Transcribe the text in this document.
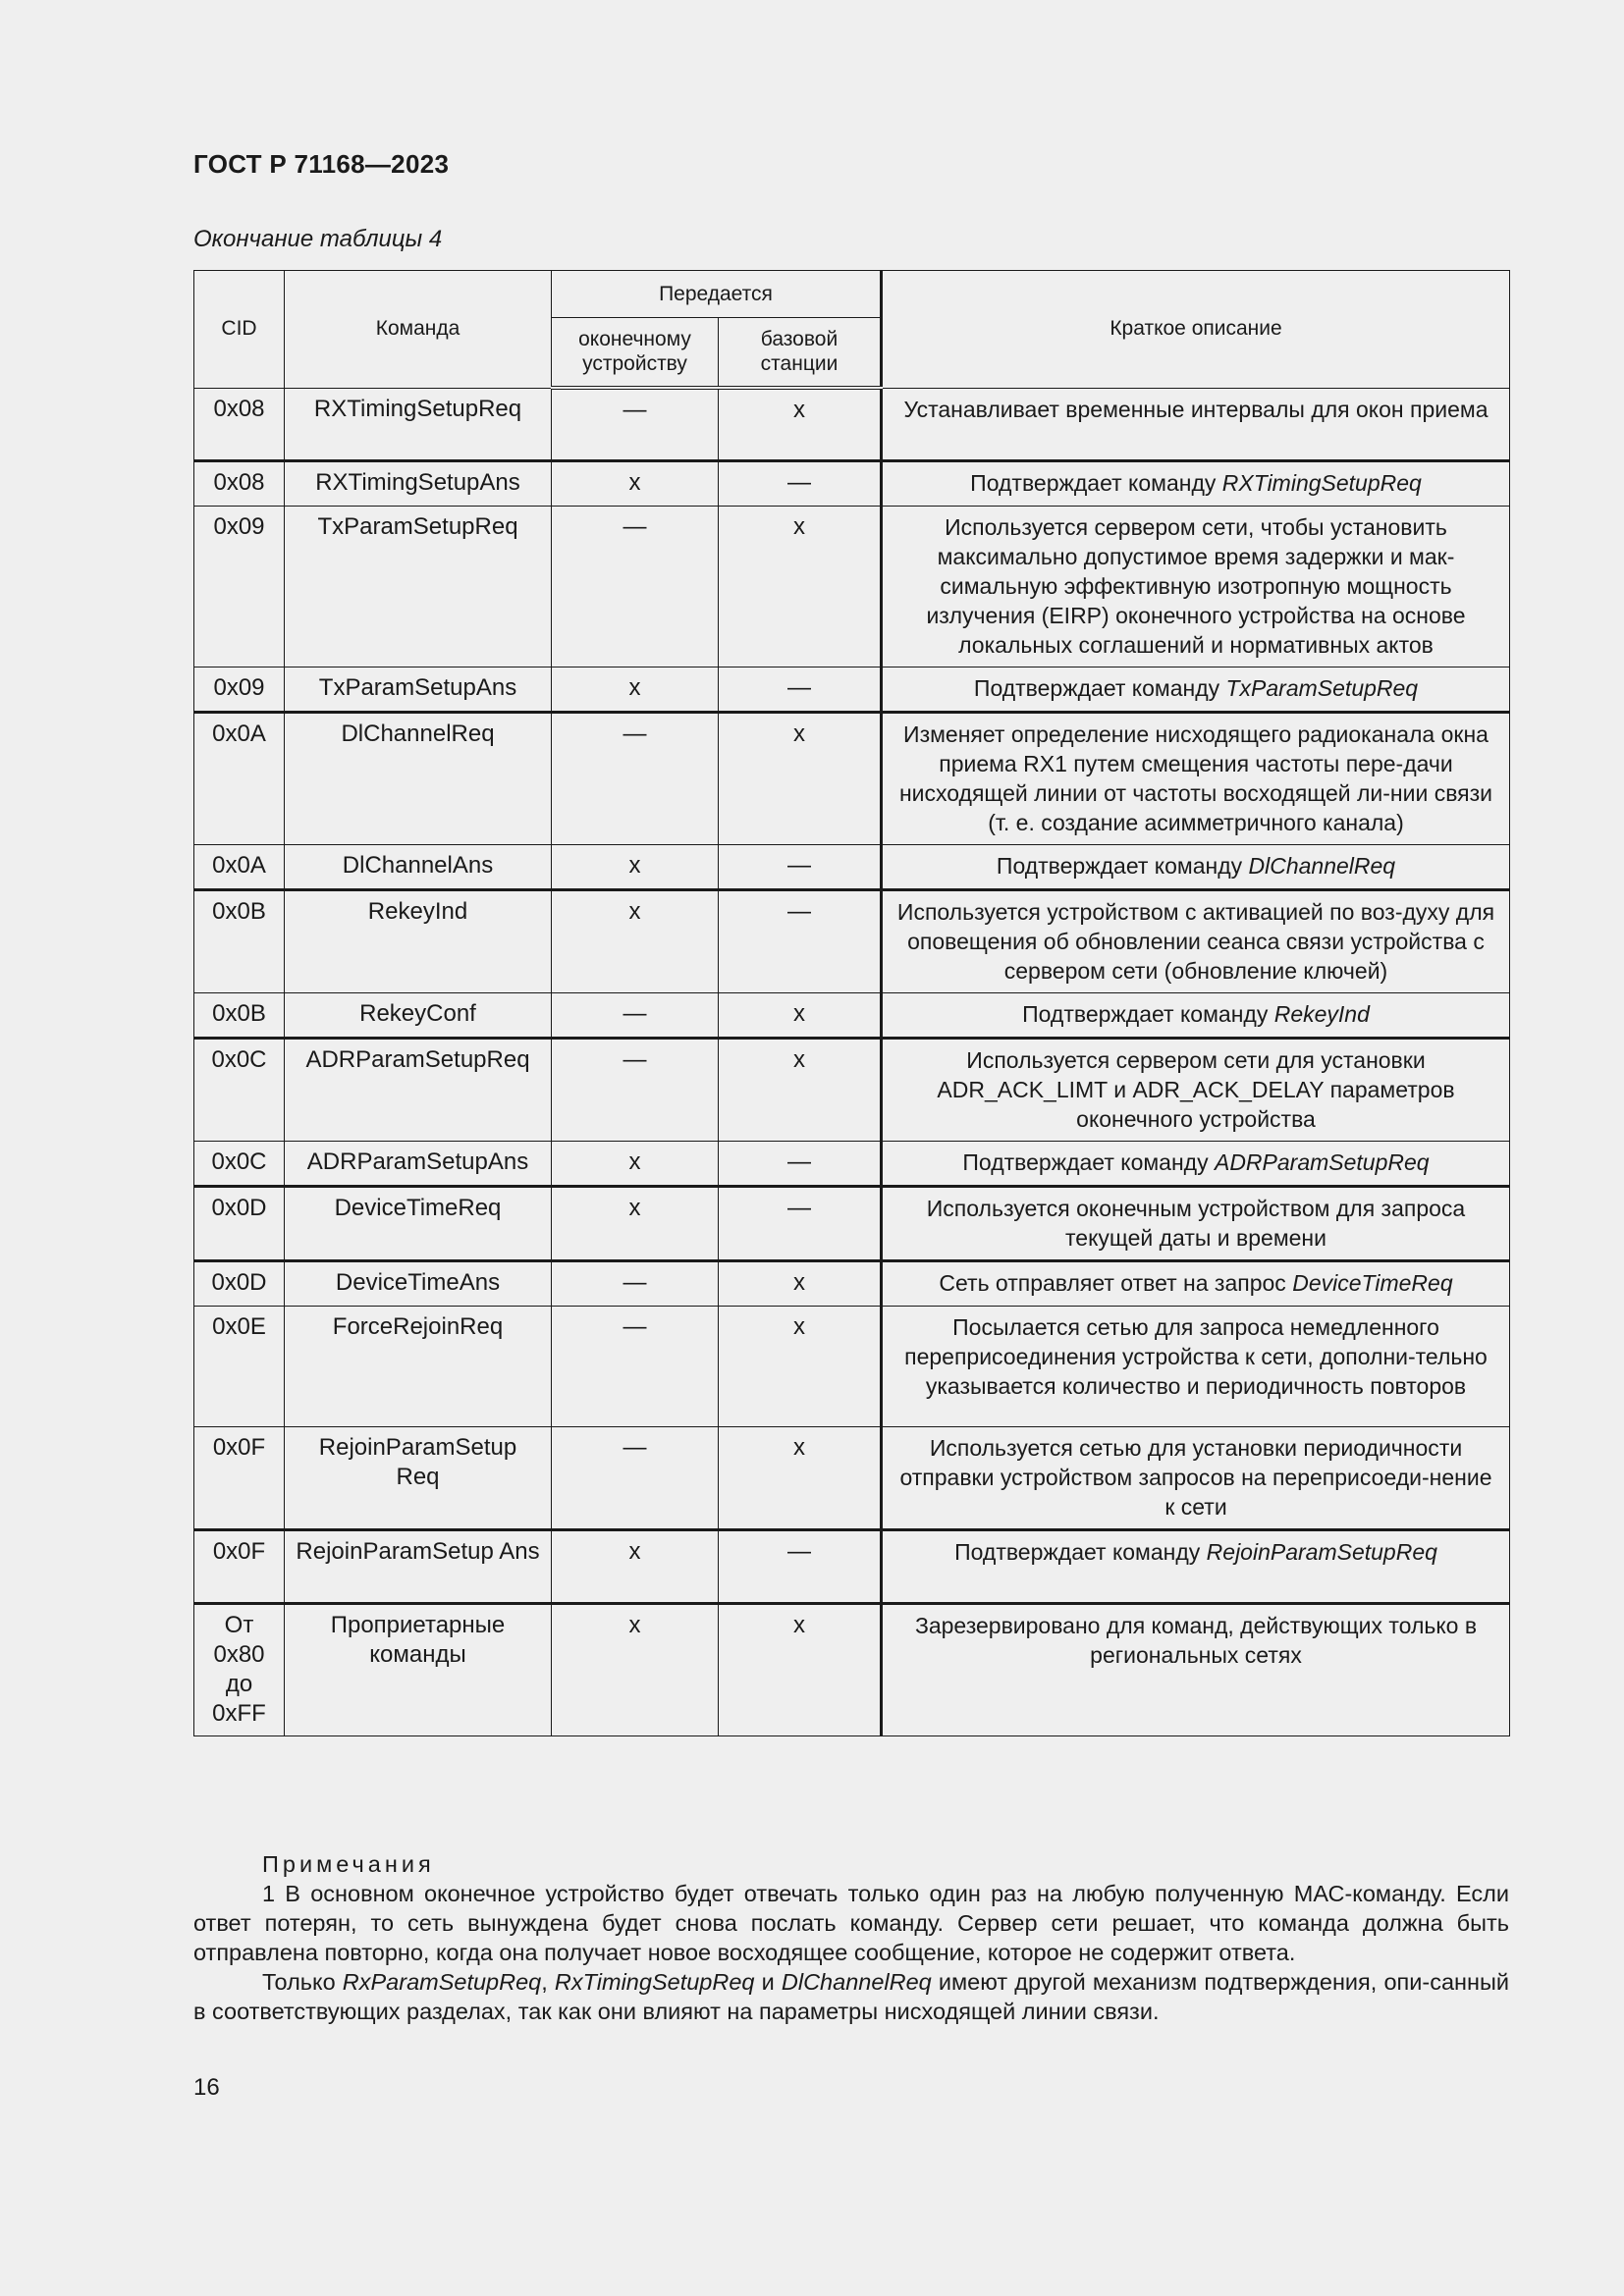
ГОСТ Р 71168—2023
Окончание таблицы 4
CID	Команда	Передается		Краткое описание
		оконечному устройству	базовой станции	
0x08	RXTimingSetupReq	—	x	Устанавливает временные интервалы для окон приема
0x08	RXTimingSetupAns	x	—	Подтверждает команду RXTimingSetupReq
0x09	TxParamSetupReq	—	x	Используется сервером сети, чтобы установить максимально допустимое время задержки и мак-симальную эффективную изотропную мощность излучения (EIRP) оконечного устройства на основе локальных соглашений и нормативных актов
0x09	TxParamSetupAns	x	—	Подтверждает команду TxParamSetupReq
0x0A	DlChannelReq	—	x	Изменяет определение нисходящего радиоканала окна приема RX1 путем смещения частоты пере-дачи нисходящей линии от частоты восходящей ли-нии связи (т. е. создание асимметричного канала)
0x0A	DlChannelAns	x	—	Подтверждает команду DlChannelReq
0x0B	RekeyInd	x	—	Используется устройством с активацией по воз-духу для оповещения об обновлении сеанса связи устройства с сервером сети (обновление ключей)
0x0B	RekeyConf	—	x	Подтверждает команду RekeyInd
0x0C	ADRParamSetupReq	—	x	Используется сервером сети для установки ADR_ACK_LIMT и ADR_ACK_DELAY параметров оконечного устройства
0x0C	ADRParamSetupAns	x	—	Подтверждает команду ADRParamSetupReq
0x0D	DeviceTimeReq	x	—	Используется оконечным устройством для запроса текущей даты и времени
0x0D	DeviceTimeAns	—	x	Сеть отправляет ответ на запрос DeviceTimeReq
0x0E	ForceRejoinReq	—	x	Посылается сетью для запроса немедленного переприсоединения устройства к сети, дополни-тельно указывается количество и периодичность повторов
0x0F	RejoinParamSetup Req	—	x	Используется сетью для установки периодичности отправки устройством запросов на переприсоеди-нение к сети
0x0F	RejoinParamSetup Ans	x	—	Подтверждает команду RejoinParamSetupReq
От 0x80 до 0xFF	Проприетарные команды	x	x	Зарезервировано для команд, действующих только в региональных сетях

Примечания

1 В основном оконечное устройство будет отвечать только один раз на любую полученную МАС-команду. Если ответ потерян, то сеть вынуждена будет снова послать команду. Сервер сети решает, что команда должна быть отправлена повторно, когда она получает новое восходящее сообщение, которое не содержит ответа.

Только RxParamSetupReq, RxTimingSetupReq и DlChannelReq имеют другой механизм подтверждения, опи-санный в соответствующих разделах, так как они влияют на параметры нисходящей линии связи.

16
